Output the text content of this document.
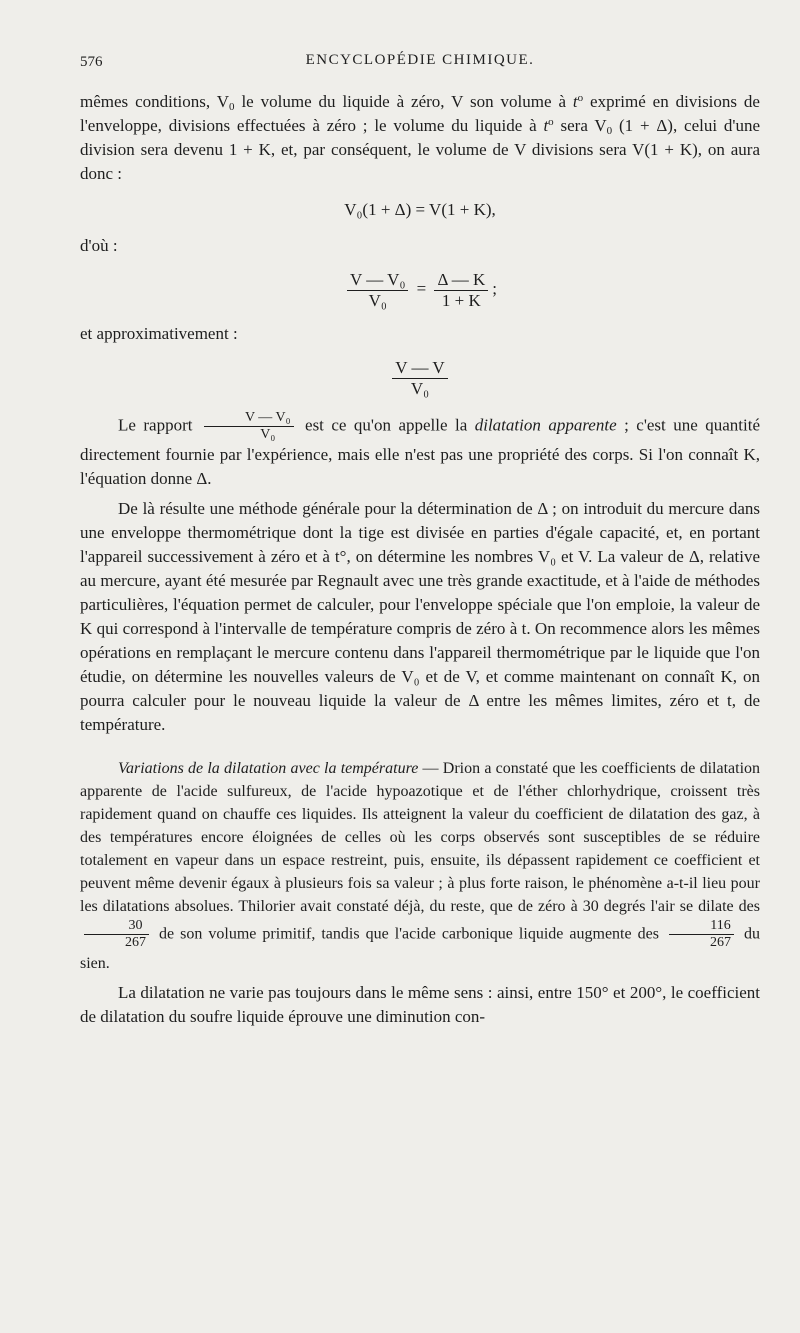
576	ENCYCLOPÉDIE CHIMIQUE.

mêmes conditions, $V_0$ le volume du liquide à zéro, V son volume à $t^o$ exprimé en divisions de l'enveloppe, divisions effectuées à zéro ; le volume du liquide à $t^o$ sera $V_0$ (1 + Δ), celui d'une division sera devenu 1 + K, et, par conséquent, le volume de V divisions sera V(1 + K), on aura donc :

V₀(1 + Δ) = V(1 + K),

d'où :

$\frac{\text{V — V₀}}{\text{V₀}} = \frac{\Delta — K}{1 + K}$ ;

et approximativement :

$\frac{V — V}{\text{V₀}}$

Le rapport $\frac{\text{V — V₀}}{\text{V₀}}$ est ce qu'on appelle la dilatation apparente ; c'est une quantité directement fournie par l'expérience, mais elle n'est pas une propriété des corps. Si l'on connaît K, l'équation donne Δ.

De là résulte une méthode générale pour la détermination de Δ ; on introduit du mercure dans une enveloppe thermométrique dont la tige est divisée en parties d'égale capacité, et, en portant l'appareil successivement à zéro et à t°, on détermine les nombres V₀ et V. La valeur de Δ, relative au mercure, ayant été mesurée par Regnault avec une très grande exactitude, et à l'aide de méthodes particulières, l'équation permet de calculer, pour l'enveloppe spéciale que l'on emploie, la valeur de K qui correspond à l'intervalle de température compris de zéro à t. On recommence alors les mêmes opérations en remplaçant le mercure contenu dans l'appareil thermométrique par le liquide que l'on étudie, on détermine les nouvelles valeurs de V₀ et de V, et comme maintenant on connaît K, on pourra calculer pour le nouveau liquide la valeur de Δ entre les mêmes limites, zéro et t, de température.

Variations de la dilatation avec la température — Drion a constaté que les coefficients de dilatation apparente de l'acide sulfureux, de l'acide hypoazotique et de l'éther chlorhydrique, croissent très rapidement quand on chauffe ces liquides. Ils atteignent la valeur du coefficient de dilatation des gaz, à des températures encore éloignées de celles où les corps observés sont susceptibles de se réduire totalement en vapeur dans un espace restreint, puis, ensuite, ils dépassent rapidement ce coefficient et peuvent même devenir égaux à plusieurs fois sa valeur ; à plus forte raison, le phénomène a-t-il lieu pour les dilatations absolues. Thilorier avait constaté déjà, du reste, que de zéro à 30 degrés l'air se dilate des
$\frac{30}{267}$ de son volume primitif, tandis que l'acide carbonique liquide augmente des $\frac{116}{267}$ du sien.

La dilatation ne varie pas toujours dans le même sens : ainsi, entre 150° et 200°, le coefficient de dilatation du soufre liquide éprouve une diminution con-
